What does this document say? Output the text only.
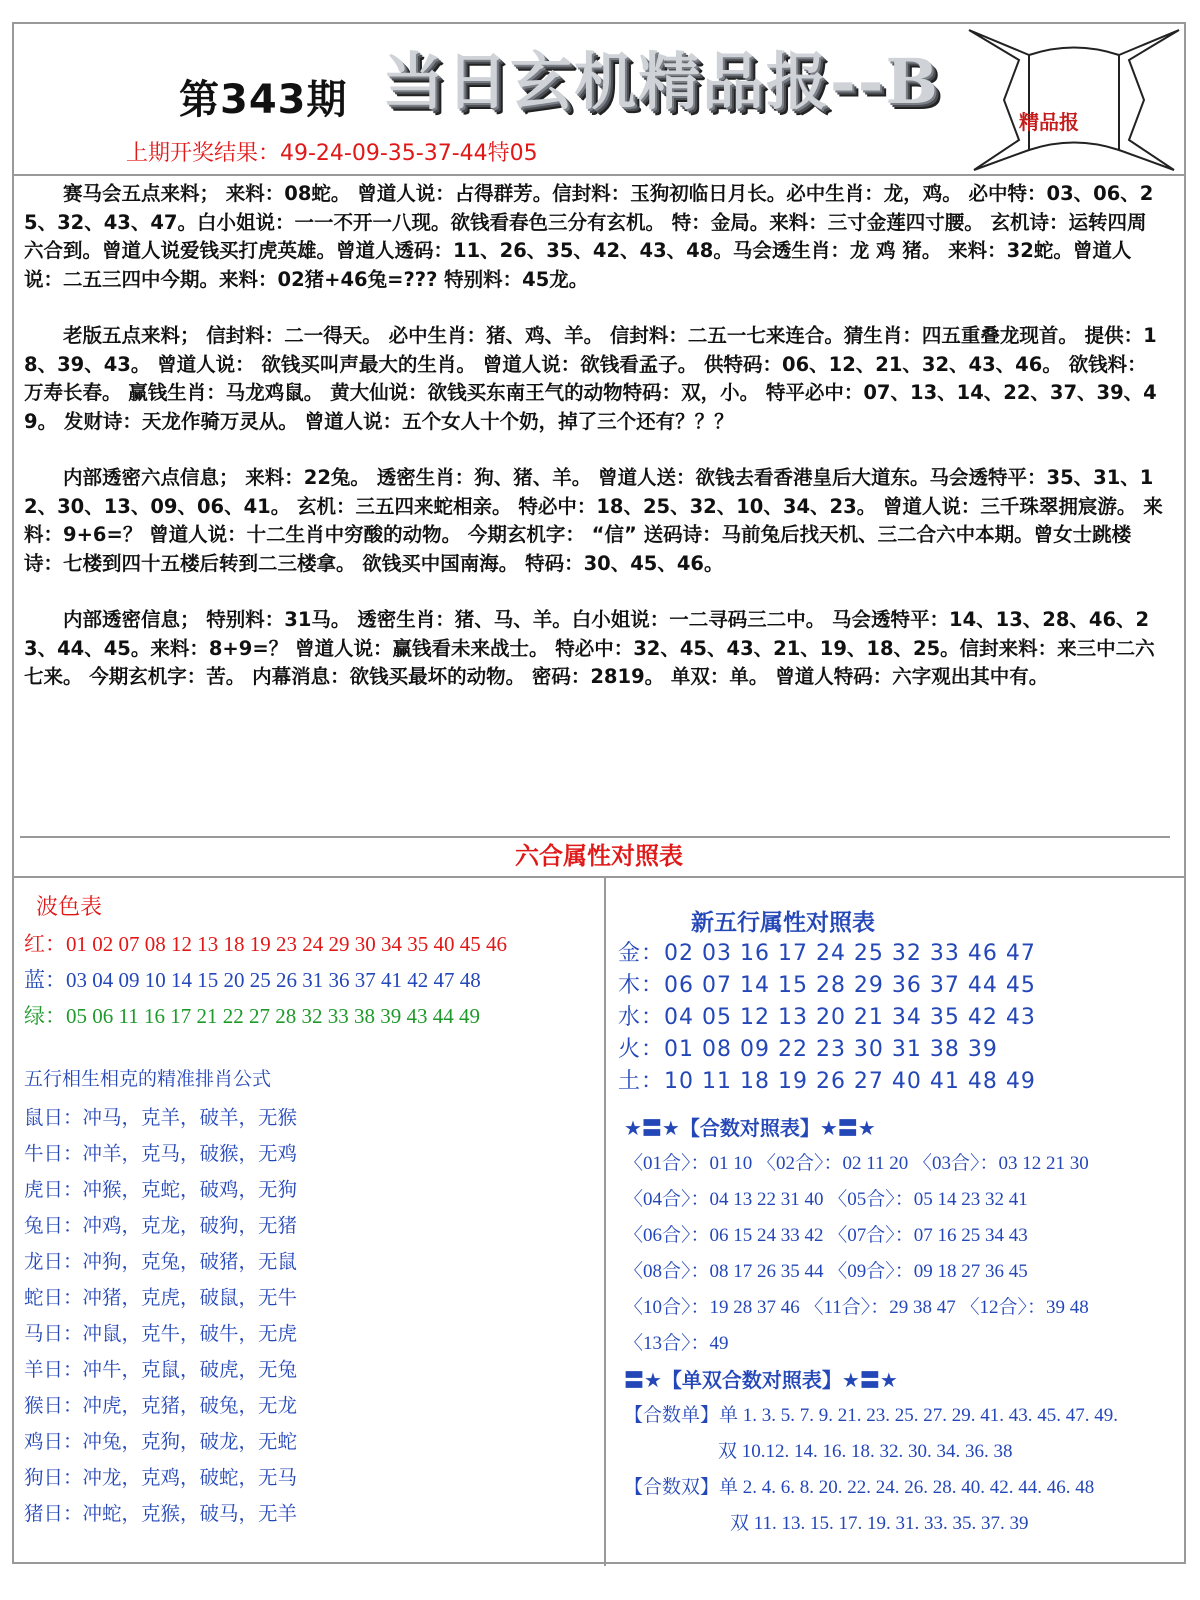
第343期 当日玄机精品报--B
精品报
上期开奖结果：49-24-09-35-37-44特05

赛马会五点来料； 来料：08蛇。 曾道人说：占得群芳。信封料：玉狗初临日月长。必中生肖：龙，鸡。 必中特：03、06、25、32、43、47。白小姐说：一一不开一八现。欲钱看春色三分有玄机。 特：金局。来料：三寸金莲四寸腰。 玄机诗：运转四周六合到。曾道人说爱钱买打虎英雄。曾道人透码：11、26、35、42、43、48。马会透生肖：龙 鸡 猪。 来料：32蛇。曾道人说：二五三四中今期。来料：02猪+46兔=??? 特别料：45龙。

老版五点来料； 信封料：二一得天。 必中生肖：猪、鸡、羊。 信封料：二五一七来连合。猜生肖：四五重叠龙现首。 提供：18、39、43。 曾道人说： 欲钱买叫声最大的生肖。 曾道人说：欲钱看孟子。 供特码：06、12、21、32、43、46。 欲钱料：万寿长春。 赢钱生肖：马龙鸡鼠。 黄大仙说：欲钱买东南王气的动物特码：双，小。 特平必中：07、13、14、22、37、39、49。 发财诗：天龙作骑万灵从。 曾道人说：五个女人十个奶，掉了三个还有？？？

内部透密六点信息； 来料：22兔。 透密生肖：狗、猪、羊。 曾道人送：欲钱去看香港皇后大道东。马会透特平：35、31、12、30、13、09、06、41。 玄机：三五四来蛇相亲。 特必中：18、25、32、10、34、23。 曾道人说：三千珠翠拥宸游。 来料：9+6=？ 曾道人说：十二生肖中穷酸的动物。 今期玄机字： “信” 送码诗：马前兔后找天机、三二合六中本期。曾女士跳楼诗：七楼到四十五楼后转到二三楼拿。 欲钱买中国南海。 特码：30、45、46。

内部透密信息； 特别料：31马。 透密生肖：猪、马、羊。白小姐说：一二寻码三二中。 马会透特平：14、13、28、46、23、44、45。来料：8+9=？ 曾道人说：赢钱看未来战士。 特必中：32、45、43、21、19、18、25。信封来料：来三中二六七来。 今期玄机字：苦。 内幕消息：欲钱买最坏的动物。 密码：2819。 单双：单。 曾道人特码：六字观出其中有。

六合属性对照表
波色表
红：01 02 07 08 12 13 18 19 23 24 29 30 34 35 40 45 46
蓝：03 04 09 10 14 15 20 25 26 31 36 37 41 42 47 48
绿：05 06 11 16 17 21 22 27 28 32 33 38 39 43 44 49
五行相生相克的精准排肖公式
鼠日：冲马，克羊，破羊，无猴
牛日：冲羊，克马，破猴，无鸡
虎日：冲猴，克蛇，破鸡，无狗
兔日：冲鸡，克龙，破狗，无猪
龙日：冲狗，克兔，破猪，无鼠
蛇日：冲猪，克虎，破鼠，无牛
马日：冲鼠，克牛，破牛，无虎
羊日：冲牛，克鼠，破虎，无兔
猴日：冲虎，克猪，破兔，无龙
鸡日：冲兔，克狗，破龙，无蛇
狗日：冲龙，克鸡，破蛇，无马
猪日：冲蛇，克猴，破马，无羊
新五行属性对照表
金：02 03 16 17 24 25 32 33 46 47
木：06 07 14 15 28 29 36 37 44 45
水：04 05 12 13 20 21 34 35 42 43
火：01 08 09 22 23 30 31 38 39
土：10 11 18 19 26 27 40 41 48 49
★〓★【合数对照表】★〓★
〈01合〉：01 10 〈02合〉：02 11 20 〈03合〉：03 12 21 30
〈04合〉：04 13 22 31 40 〈05合〉：05 14 23 32 41
〈06合〉：06 15 24 33 42 〈07合〉：07 16 25 34 43
〈08合〉：08 17 26 35 44 〈09合〉：09 18 27 36 45
〈10合〉：19 28 37 46 〈11合〉：29 38 47 〈12合〉：39 48
〈13合〉：49
〓★【单双合数对照表】★〓★
【合数单】单 1. 3. 5. 7. 9. 21. 23. 25. 27. 29. 41. 43. 45. 47. 49.
双 10.12. 14. 16. 18. 32. 30. 34. 36. 38
【合数双】单 2. 4. 6. 8. 20. 22. 24. 26. 28. 40. 42. 44. 46. 48
双 11. 13. 15. 17. 19. 31. 33. 35. 37. 39
